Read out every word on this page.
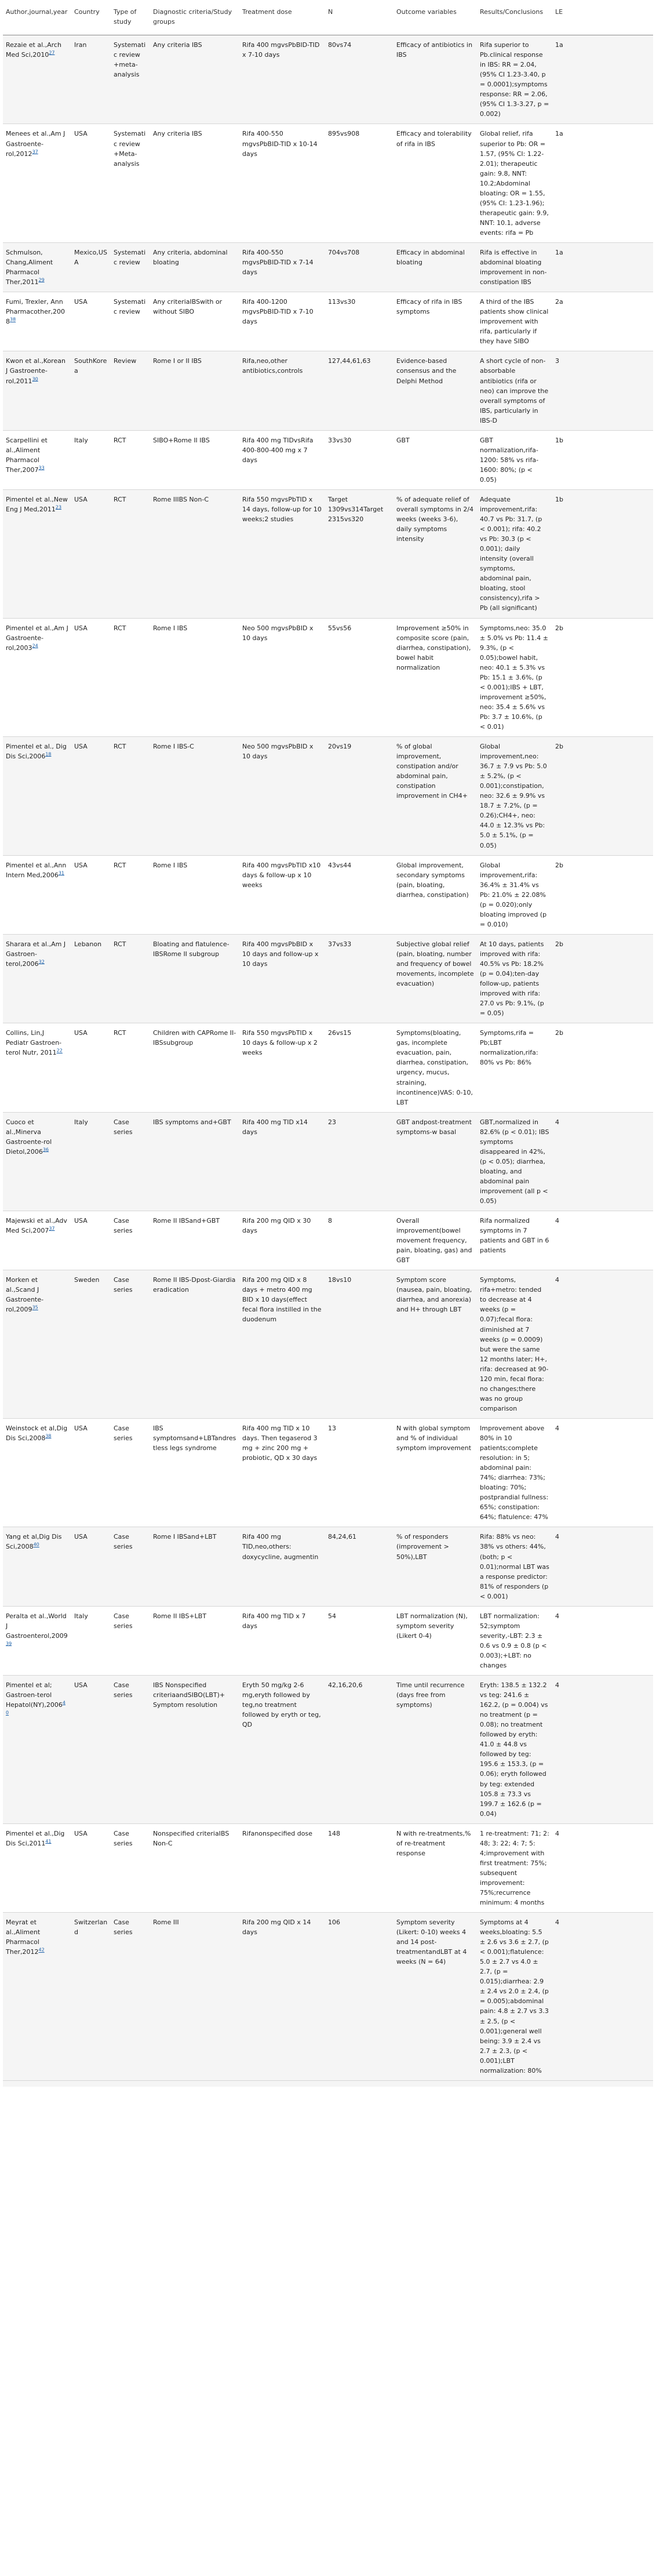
Author,journal,year	Country	Type of study	Diagnostic criteria/Study groups	Treatment dose	N	Outcome variables	Results/Conclusions	LE
Rezaie et al.,Arch Med Sci,2010$^{27}$	Iran	Systematic review +meta-analysis	Any criteria IBS	Rifa 400 mgvsPbBID-TID x 7-10 days	80vs74	Efficacy of antibiotics in IBS	Rifa superior to Pb.clinical response in IBS: RR = 2.04, (95% CI 1.23-3.40, p = 0.0001);symptoms response: RR = 2.06, (95% CI 1.3-3.27, p = 0.002)	1a
Menees et al.,Am J Gastroente-rol,2012$^{37}$	USA	Systematic review +Meta-analysis	Any criteria IBS	Rifa 400-550 mgvsPbBID-TID x 10-14 days	895vs908	Efficacy and tolerability of rifa in IBS	Global relief, rifa superior to Pb: OR = 1.57, (95% CI: 1.22-2.01); therapeutic gain: 9.8, NNT: 10.2;Abdominal bloating: OR = 1.55, (95% CI: 1.23-1.96); therapeutic gain: 9.9, NNT: 10.1, adverse events: rifa = Pb	1a
Schmulson, Chang,Aliment Pharmacol Ther,2011$^{29}$	Mexico,USA	Systematic review	Any criteria, abdominal bloating	Rifa 400-550 mgvsPbBID-TID x 7-14 days	704vs708	Efficacy in abdominal bloating	Rifa is effective in abdominal bloating improvement in non-constipation IBS	1a
Fumi, Trexler, Ann Pharmacother,2008$^{38}$	USA	Systematic review	Any criteriaIBSwith or without SIBO	Rifa 400-1200 mgvsPbBID-TID x 7-10 days	113vs30	Efficacy of rifa in IBS symptoms	A third of the IBS patients show clinical improvement with rifa, particularly if they have SIBO	2a
Kwon et al.,Korean J Gastroente-rol,2011$^{30}$	SouthKorea	Review	Rome I or II IBS	Rifa,neo,other antibiotics,controls	127,44,61,63	Evidence-based consensus and the Delphi Method	A short cycle of non-absorbable antibiotics (rifa or neo) can improve the overall symptoms of IBS, particularly in IBS-D	3
Scarpellini et al.,Aliment Pharmacol Ther,2007$^{33}$	Italy	RCT	SIBO+Rome II IBS	Rifa 400 mg TIDvsRifa 400-800-400 mg x 7 days	33vs30	GBT	GBT normalization,rifa-1200: 58% vs rifa-1600: 80%; (p < 0.05)	1b
Pimentel et al.,New Eng J Med,2011$^{23}$	USA	RCT	Rome IIIBS Non-C	Rifa 550 mgvsPbTID x 14 days, follow-up for 10 weeks;2 studies	Target 1309vs314Target 2315vs320	% of adequate relief of overall symptoms in 2/4 weeks (weeks 3-6), daily symptoms intensity	Adequate improvement,rifa: 40.7 vs Pb: 31.7, (p < 0.001); rifa: 40.2 vs Pb: 30.3 (p < 0.001); daily intensity (overall symptoms, abdominal pain, bloating, stool consistency),rifa > Pb (all significant)	1b
Pimentel et al.,Am J Gastroente-rol,2003$^{24}$	USA	RCT	Rome I IBS	Neo 500 mgvsPbBID x 10 days	55vs56	Improvement ≥50% in composite score (pain, diarrhea, constipation), bowel habit normalization	Symptoms,neo: 35.0 ± 5.0% vs Pb: 11.4 ± 9.3%, (p < 0.05);bowel habit, neo: 40.1 ± 5.3% vs Pb: 15.1 ± 3.6%, (p < 0.001);IBS + LBT, improvement ≥50%, neo: 35.4 ± 5.6% vs Pb: 3.7 ± 10.6%, (p < 0.01)	2b
Pimentel et al., Dig Dis Sci,2006$^{18}$	USA	RCT	Rome I IBS-C	Neo 500 mgvsPbBID x 10 days	20vs19	% of global improvement, constipation and/or abdominal pain, constipation improvement in CH4+	Global improvement,neo: 36.7 ± 7.9 vs Pb: 5.0 ± 5.2%, (p < 0.001);constipation, neo: 32.6 ± 9.9% vs 18.7 ± 7.2%, (p = 0.26);CH4+, neo: 44.0 ± 12.3% vs Pb: 5.0 ± 5.1%, (p = 0.05)	2b
Pimentel et al.,Ann Intern Med,2006$^{31}$	USA	RCT	Rome I IBS	Rifa 400 mgvsPbTID x10 days & follow-up x 10 weeks	43vs44	Global improvement, secondary symptoms (pain, bloating, diarrhea, constipation)	Global improvement,rifa: 36.4% ± 31.4% vs Pb: 21.0% ± 22.08% (p = 0.020);only bloating improved (p = 0.010)	2b
Sharara et al.,Am J Gastroen-terol,2006$^{32}$	Lebanon	RCT	Bloating and flatulence-IBSRome II subgroup	Rifa 400 mgvsPbBID x 10 days and follow-up x 10 days	37vs33	Subjective global relief (pain, bloating, number and frequency of bowel movements, incomplete evacuation)	At 10 days, patients improved with rifa: 40.5% vs Pb: 18.2% (p = 0.04);ten-day follow-up, patients improved with rifa: 27.0 vs Pb: 9.1%, (p = 0.05)	2b
Collins, Lin,J Pediatr Gastroen-terol Nutr, 2011$^{22}$	USA	RCT	Children with CAPRome II-IBSsubgroup	Rifa 550 mgvsPbTID x 10 days & follow-up x 2 weeks	26vs15	Symptoms(bloating, gas, incomplete evacuation, pain, diarrhea, constipation, urgency, mucus, straining, incontinence)VAS: 0-10, LBT	Symptoms,rifa = Pb;LBT normalization,rifa: 80% vs Pb: 86%	2b
Cuoco et al.,Minerva Gastroente-rol Dietol,2006$^{36}$	Italy	Case series	IBS symptoms and+GBT	Rifa 400 mg TID x14 days	23	GBT andpost-treatment symptoms-w basal	GBT,normalized in 82.6% (p < 0.01); IBS symptoms disappeared in 42%, (p < 0.05); diarrhea, bloating, and abdominal pain improvement (all p < 0.05)	4
Majewski et al.,Adv Med Sci,2007$^{37}$	USA	Case series	Rome II IBSand+GBT	Rifa 200 mg QID x 30 days	8	Overall improvement(bowel movement frequency, pain, bloating, gas) and GBT	Rifa normalized symptoms in 7 patients and GBT in 6 patients	4
Morken et al.,Scand J Gastroente-rol,2009$^{35}$	Sweden	Case series	Rome II IBS-Dpost-Giardia eradication	Rifa 200 mg QID x 8 days + metro 400 mg BID x 10 days(effect fecal flora instilled in the duodenum	18vs10	Symptom score (nausea, pain, bloating, diarrhea, and anorexia) and H+ through LBT	Symptoms, rifa+metro: tended to decrease at 4 weeks (p = 0.07);fecal flora: diminished at 7 weeks (p = 0.0009) but were the same 12 months later; H+, rifa: decreased at 90-120 min, fecal flora: no changes;there was no group comparison	4
Weinstock et al,Dig Dis Sci,2008$^{38}$	USA	Case series	IBS symptomsand+LBTandrestless legs syndrome	Rifa 400 mg TID x 10 days. Then tegaserod 3 mg + zinc 200 mg + probiotic, QD x 30 days	13	N with global symptom and % of individual symptom improvement	Improvement above 80% in 10 patients;complete resolution: in 5; abdominal pain: 74%; diarrhea: 73%; bloating: 70%; postprandial fullness: 65%; constipation: 64%; flatulence: 47%	4
Yang et al,Dig Dis Sci,2008$^{40}$	USA	Case series	Rome I IBSand+LBT	Rifa 400 mg TID,neo,others: doxycycline, augmentin	84,24,61	% of responders (improvement > 50%),LBT	Rifa: 88% vs neo: 38% vs others: 44%, (both; p < 0.01);normal LBT was a response predictor: 81% of responders (p < 0.001)	4
Peralta et al.,World J Gastroenterol,2009$^{39}$	Italy	Case series	Rome II IBS+LBT	Rifa 400 mg TID x 7 days	54	LBT normalization (N), symptom severity (Likert 0-4)	LBT normalization: 52;symptom severity,-LBT: 2.3 ± 0.6 vs 0.9 ± 0.8 (p < 0.003);+LBT: no changes	4
Pimentel et al; Gastroen-terol Hepatol(NY),2006$^{40}$	USA	Case series	IBS Nonspecified criteriaandSIBO(LBT)+ Symptom resolution	Eryth 50 mg/kg 2-6 mg,eryth followed by teg,no treatment followed by eryth or teg, QD	42,16,20,6	Time until recurrence (days free from symptoms)	Eryth: 138.5 ± 132.2 vs teg: 241.6 ± 162.2, (p = 0.004) vs no treatment (p = 0.08); no treatment followed by eryth: 41.0 ± 44.8 vs followed by teg: 195.6 ± 153.3, (p = 0.06); eryth followed by teg: extended 105.8 ± 73.3 vs 199.7 ± 162.6 (p = 0.04)	4
Pimentel et al.,Dig Dis Sci,2011$^{41}$	USA	Case series	Nonspecified criteriaIBS Non-C	Rifanonspecified dose	148	N with re-treatments,% of re-treatment response	1 re-treatment: 71; 2: 48; 3: 22; 4: 7; 5: 4;improvement with first treatment: 75%; subsequent improvement: 75%;recurrence minimum: 4 months	4
Meyrat et al.,Aliment Pharmacol Ther,2012$^{42}$	Switzerland	Case series	Rome III	Rifa 200 mg QID x 14 days	106	Symptom severity (Likert: 0-10) weeks 4 and 14 post-treatmentandLBT at 4 weeks (N = 64)	Symptoms at 4 weeks,bloating: 5.5 ± 2.6 vs 3.6 ± 2.7, (p < 0.001);flatulence: 5.0 ± 2.7 vs 4.0 ± 2.7, (p = 0.015);diarrhea: 2.9 ± 2.4 vs 2.0 ± 2.4, (p = 0.005);abdominal pain: 4.8 ± 2.7 vs 3.3 ± 2.5, (p < 0.001);general well being: 3.9 ± 2.4 vs 2.7 ± 2.3, (p < 0.001);LBT normalization: 80%	4
